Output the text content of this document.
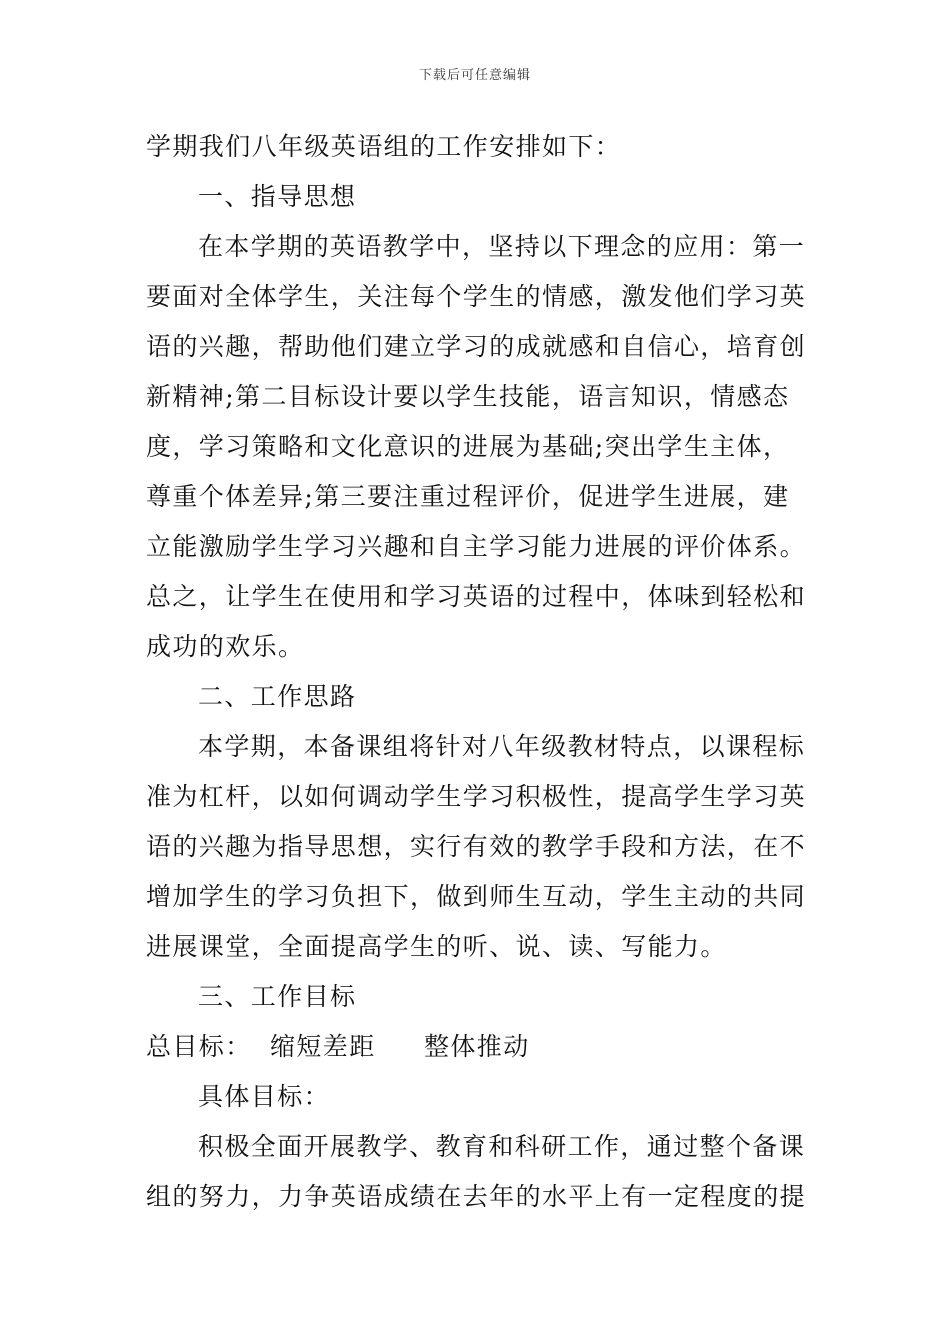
下载后可任意编辑

学期我们八年级英语组的工作安排如下：

一、指导思想

在本学期的英语教学中，坚持以下理念的应用：第一要面对全体学生，关注每个学生的情感，激发他们学习英语的兴趣，帮助他们建立学习的成就感和自信心，培育创新精神;第二目标设计要以学生技能，语言知识，情感态度，学习策略和文化意识的进展为基础;突出学生主体，尊重个体差异;第三要注重过程评价，促进学生进展，建立能激励学生学习兴趣和自主学习能力进展的评价体系。总之，让学生在使用和学习英语的过程中，体味到轻松和成功的欢乐。

二、工作思路

本学期，本备课组将针对八年级教材特点，以课程标准为杠杆，以如何调动学生学习积极性，提高学生学习英语的兴趣为指导思想，实行有效的教学手段和方法，在不增加学生的学习负担下，做到师生互动，学生主动的共同进展课堂，全面提高学生的听、说、读、写能力。

三、工作目标

总目标： 缩短差距 整体推动

具体目标：

积极全面开展教学、教育和科研工作，通过整个备课组的努力，力争英语成绩在去年的水平上有一定程度的提
